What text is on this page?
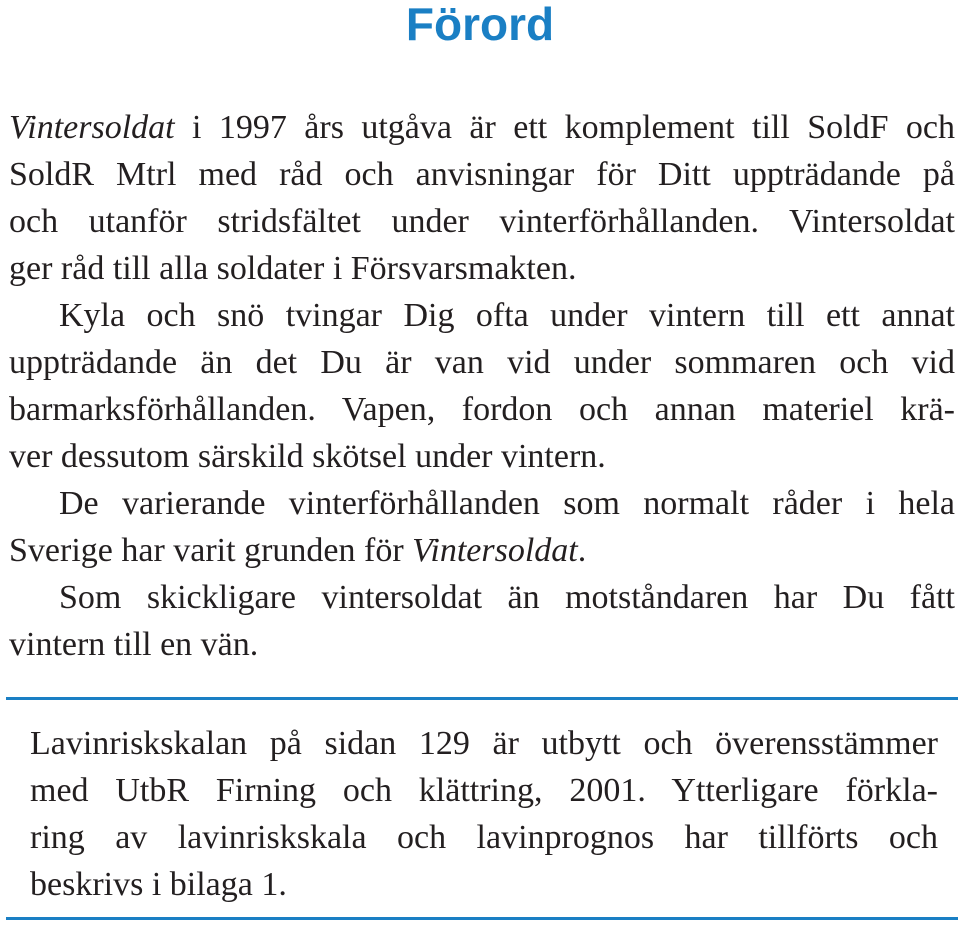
Förord
Vintersoldat i 1997 års utgåva är ett komplement till SoldF och
SoldR Mtrl med råd och anvisningar för Ditt uppträdande på
och utanför stridsfältet under vinterförhållanden. Vintersoldat
ger råd till alla soldater i Försvarsmakten.
Kyla och snö tvingar Dig ofta under vintern till ett annat
uppträdande än det Du är van vid under sommaren och vid
barmarksförhållanden. Vapen, fordon och annan materiel krä-
ver dessutom särskild skötsel under vintern.
De varierande vinterförhållanden som normalt råder i hela
Sverige har varit grunden för Vintersoldat.
Som skickligare vintersoldat än motståndaren har Du fått
vintern till en vän.
Lavinriskskalan på sidan 129 är utbytt och överensstämmer
med UtbR Firning och klättring, 2001. Ytterligare förkla-
ring av lavinriskskala och lavinprognos har tillförts och
beskrivs i bilaga 1.
